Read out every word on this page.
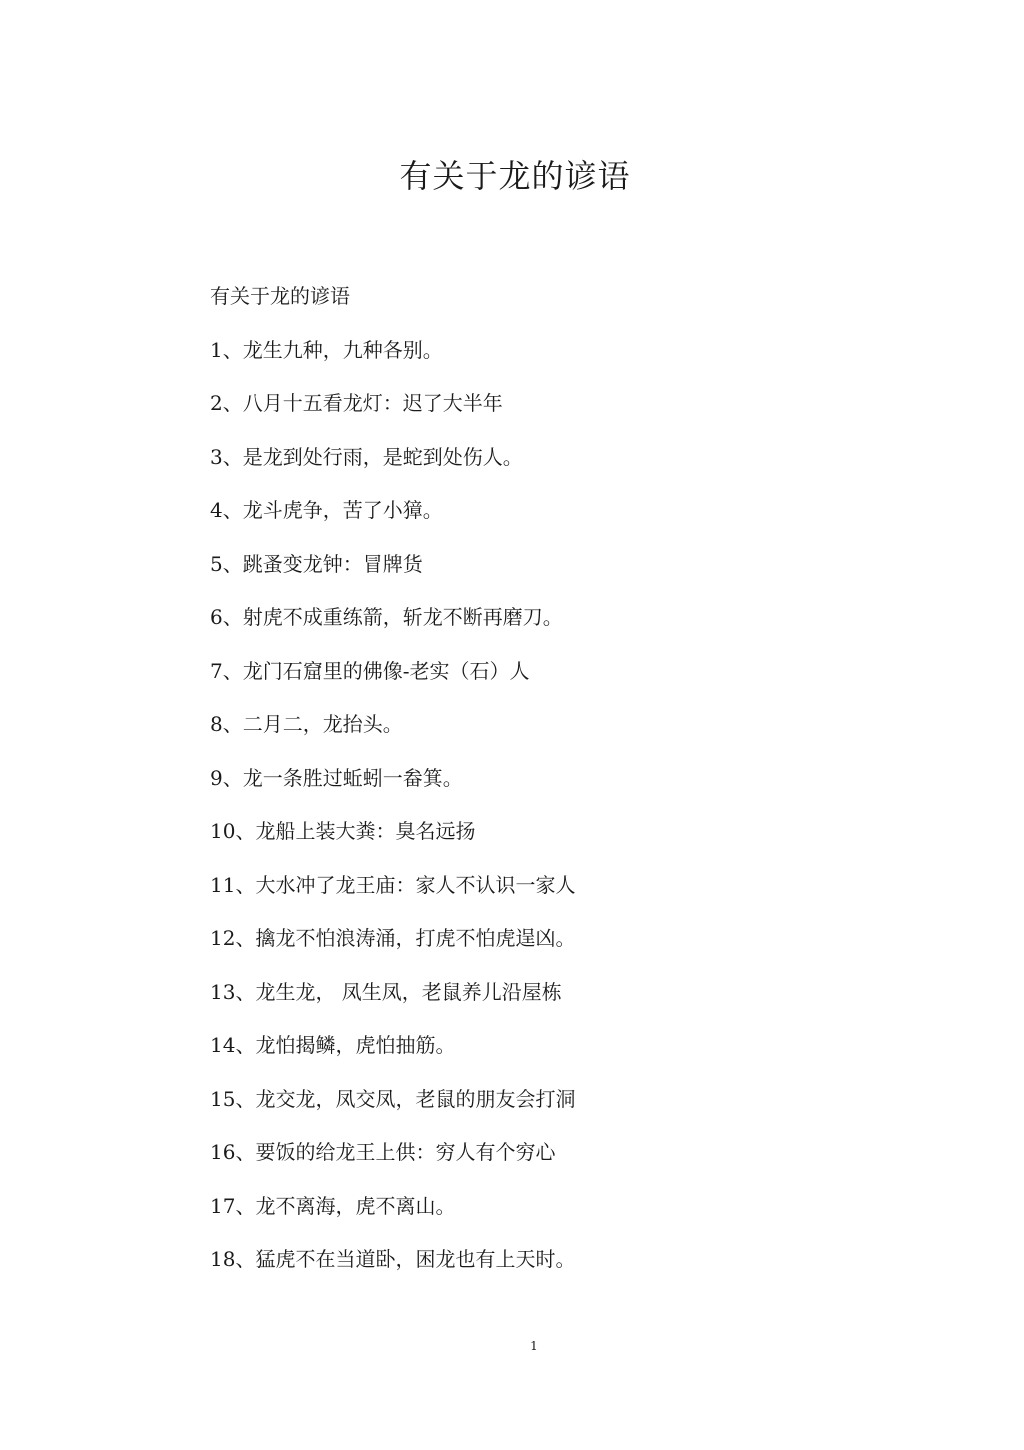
有关于龙的谚语
有关于龙的谚语
1、龙生九种，九种各别。
2、八月十五看龙灯：迟了大半年
3、是龙到处行雨，是蛇到处伤人。
4、龙斗虎争，苦了小獐。
5、跳蚤变龙钟：冒牌货
6、射虎不成重练箭，斩龙不断再磨刀。
7、龙门石窟里的佛像-老实（石）人
8、二月二，龙抬头。
9、龙一条胜过蚯蚓一畚箕。
10、龙船上装大粪：臭名远扬
11、大水冲了龙王庙：家人不认识一家人
12、擒龙不怕浪涛涌，打虎不怕虎逞凶。
13、龙生龙， 凤生凤，老鼠养儿沿屋栋
14、龙怕揭鳞，虎怕抽筋。
15、龙交龙，凤交凤，老鼠的朋友会打洞
16、要饭的给龙王上供：穷人有个穷心
17、龙不离海，虎不离山。
18、猛虎不在当道卧，困龙也有上天时。
1
